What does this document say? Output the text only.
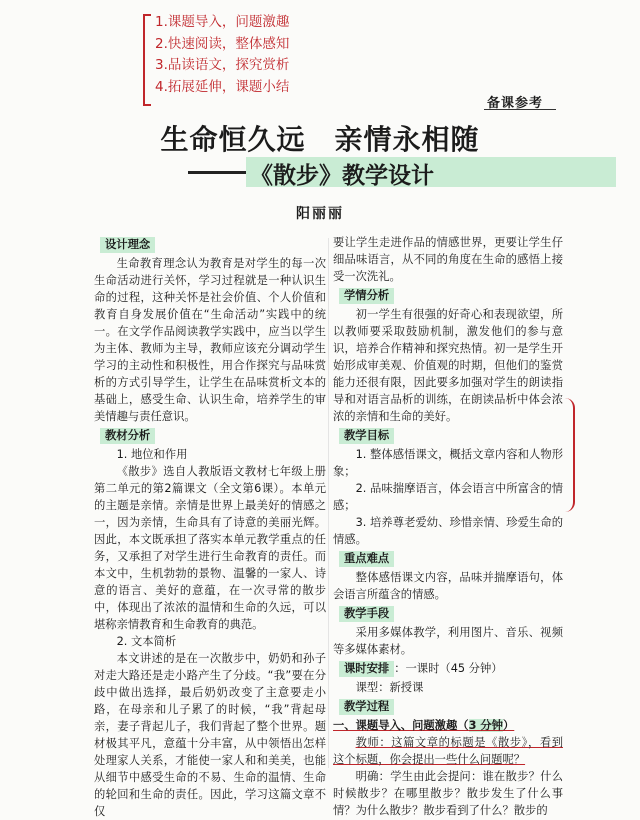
1.课题导入，问题激趣
2.快速阅读，整体感知
3.品读语文，探究赏析
4.拓展延伸，课题小结
备课参考
生命恒久远　亲情永相随
《散步》教学设计
阳丽丽
设计理念

生命教育理念认为教育是对学生的每一次生命活动进行关怀，学习过程就是一种认识生命的过程，这种关怀是社会价值、个人价值和教育自身发展价值在“生命活动”实践中的统一。在文学作品阅读教学实践中，应当以学生为主体、教师为主导，教师应该充分调动学生学习的主动性和积极性，用合作探究与品味赏析的方式引导学生，让学生在品味赏析文本的基础上，感受生命、认识生命，培养学生的审美情趣与责任意识。

教材分析

1. 地位和作用

《散步》选自人教版语文教材七年级上册第二单元的第2篇课文（全文第6课）。本单元的主题是亲情。亲情是世界上最美好的情感之一，因为亲情，生命具有了诗意的美丽光辉。因此，本文既承担了落实本单元教学重点的任务，又承担了对学生进行生命教育的责任。而本文中，生机勃勃的景物、温馨的一家人、诗意的语言、美好的意蕴，在一次寻常的散步中，体现出了浓浓的温情和生命的久远，可以堪称亲情教育和生命教育的典范。

2. 文本简析

本文讲述的是在一次散步中，奶奶和孙子对走大路还是走小路产生了分歧。“我”要在分歧中做出选择，最后奶奶改变了主意要走小路，在母亲和儿子累了的时候，“我”背起母亲，妻子背起儿子，我们背起了整个世界。题材极其平凡，意蕴十分丰富，从中领悟出怎样处理家人关系，才能使一家人和和美美，也能从细节中感受生命的不易、生命的温情、生命的轮回和生命的责任。因此，学习这篇文章不仅

要让学生走进作品的情感世界，更要让学生仔细品味语言，从不同的角度在生命的感悟上接受一次洗礼。

学情分析

初一学生有很强的好奇心和表现欲望，所以教师要采取鼓励机制，激发他们的参与意识，培养合作精神和探究热情。初一是学生开始形成审美观、价值观的时期，但他们的鉴赏能力还很有限，因此要多加强对学生的朗读指导和对语言品析的训练，在朗读品析中体会浓浓的亲情和生命的美好。

教学目标

1. 整体感悟课文，概括文章内容和人物形象；

2. 品味揣摩语言，体会语言中所富含的情感；

3. 培养尊老爱幼、珍惜亲情、珍爱生命的情感。

重点难点

整体感悟课文内容，品味并揣摩语句，体会语言所蕴含的情感。

教学手段

采用多媒体教学，利用图片、音乐、视频等多媒体素材。

课时安排 ：一课时（45 分钟）

课型：新授课

教学过程

一、课题导入、问题激趣（3 分钟）

教师：这篇文章的标题是《散步》，看到这个标题，你会提出一些什么问题呢？

明确：学生由此会提问：谁在散步？什么时候散步？在哪里散步？散步发生了什么事情？为什么散步？散步看到了什么？散步的
